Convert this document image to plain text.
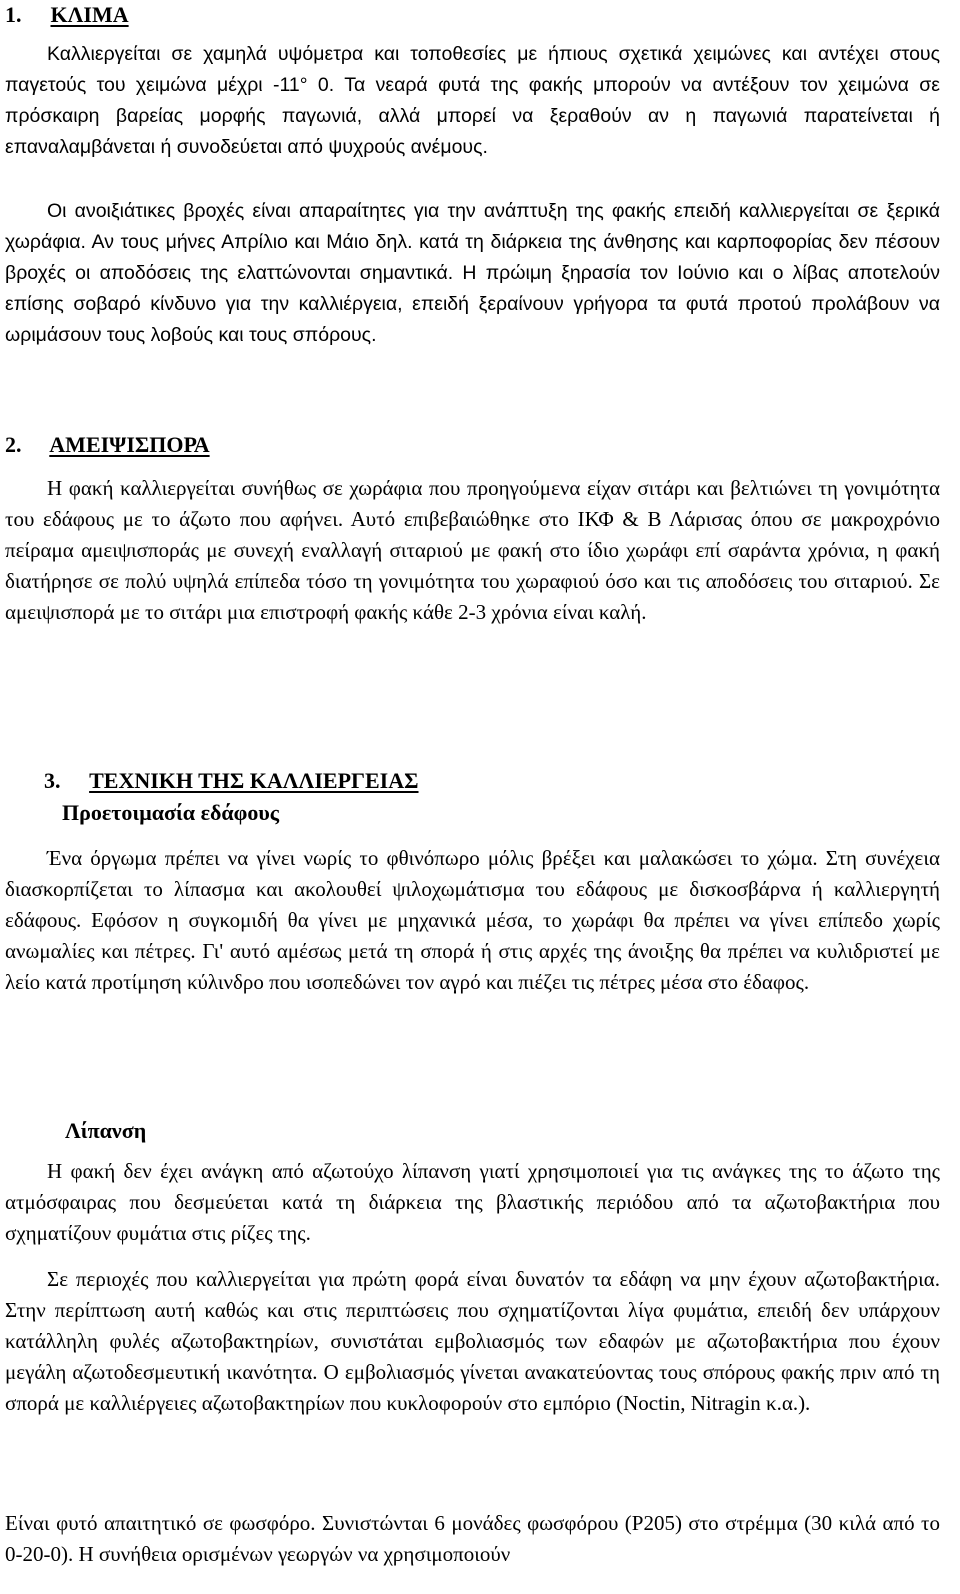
1. ΚΛΙΜΑ

Καλλιεργείται σε χαμηλά υψόμετρα και τοποθεσίες με ήπιους σχετικά χειμώνες και αντέχει στους παγετούς του χειμώνα μέχρι -11° 0. Τα νεαρά φυτά της φακής μπορούν να αντέξουν τον χειμώνα σε πρόσκαιρη βαρείας μορφής παγωνιά, αλλά μπορεί να ξεραθούν αν η παγωνιά παρατείνεται ή επαναλαμβάνεται ή συνοδεύεται από ψυχρούς ανέμους.

Οι ανοιξιάτικες βροχές είναι απαραίτητες για την ανάπτυξη της φακής επειδή καλλιεργείται σε ξερικά χωράφια. Αν τους μήνες Απρίλιο και Μάιο δηλ. κατά τη διάρκεια της άνθησης και καρποφορίας δεν πέσουν βροχές οι αποδόσεις της ελαττώνονται σημαντικά. Η πρώιμη ξηρασία τον Ιούνιο και ο λίβας αποτελούν επίσης σοβαρό κίνδυνο για την καλλιέργεια, επειδή ξεραίνουν γρήγορα τα φυτά προτού προλάβουν να ωριμάσουν τους λοβούς και τους σπόρους.

2. ΑΜΕΙΨΙΣΠΟΡΑ

Η φακή καλλιεργείται συνήθως σε χωράφια που προηγούμενα είχαν σιτάρι και βελτιώνει τη γονιμότητα του εδάφους με το άζωτο που αφήνει. Αυτό επιβεβαιώθηκε στο ΙΚΦ & Β Λάρισας όπου σε μακροχρόνιο πείραμα αμειψισποράς με συνεχή εναλλαγή σιταριού με φακή στο ίδιο χωράφι επί σαράντα χρόνια, η φακή διατήρησε σε πολύ υψηλά επίπεδα τόσο τη γονιμότητα του χωραφιού όσο και τις αποδόσεις του σιταριού. Σε αμειψισπορά με το σιτάρι μια επιστροφή φακής κάθε 2-3 χρόνια είναι καλή.

3. ΤΕΧΝΙΚΗ ΤΗΣ ΚΑΛΛΙΕΡΓΕΙΑΣ
Προετοιμασία εδάφους

Ένα όργωμα πρέπει να γίνει νωρίς το φθινόπωρο μόλις βρέξει και μαλακώσει το χώμα. Στη συνέχεια διασκορπίζεται το λίπασμα και ακολουθεί ψιλοχωμάτισμα του εδάφους με δισκοσβάρνα ή καλλιεργητή εδάφους. Εφόσον η συγκομιδή θα γίνει με μηχανικά μέσα, το χωράφι θα πρέπει να γίνει επίπεδο χωρίς ανωμαλίες και πέτρες. Γι' αυτό αμέσως μετά τη σπορά ή στις αρχές της άνοιξης θα πρέπει να κυλιδριστεί με λείο κατά προτίμηση κύλινδρο που ισοπεδώνει τον αγρό και πιέζει τις πέτρες μέσα στο έδαφος.

Λίπανση

Η φακή δεν έχει ανάγκη από αζωτούχο λίπανση γιατί χρησιμοποιεί για τις ανάγκες της το άζωτο της ατμόσφαιρας που δεσμεύεται κατά τη διάρκεια της βλαστικής περιόδου από τα αζωτοβακτήρια που σχηματίζουν φυμάτια στις ρίζες της.

Σε περιοχές που καλλιεργείται για πρώτη φορά είναι δυνατόν τα εδάφη να μην έχουν αζωτοβακτήρια. Στην περίπτωση αυτή καθώς και στις περιπτώσεις που σχηματίζονται λίγα φυμάτια, επειδή δεν υπάρχουν κατάλληλη φυλές αζωτοβακτηρίων, συνιστάται εμβολιασμός των εδαφών με αζωτοβακτήρια που έχουν μεγάλη αζωτοδεσμευτική ικανότητα. Ο εμβολιασμός γίνεται ανακατεύοντας τους σπόρους φακής πριν από τη σπορά με καλλιέργειες αζωτοβακτηρίων που κυκλοφορούν στο εμπόριο (Noctin, Nitragin κ.α.).

Είναι φυτό απαιτητικό σε φωσφόρο. Συνιστώνται 6 μονάδες φωσφόρου (P205) στο στρέμμα (30 κιλά από το 0-20-0). Η συνήθεια ορισμένων γεωργών να χρησιμοποιούν
